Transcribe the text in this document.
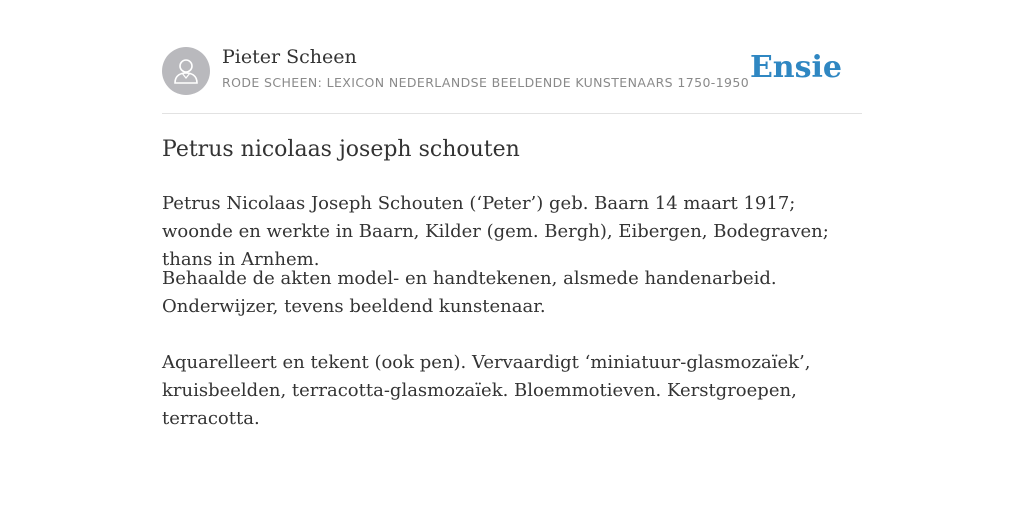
Pieter Scheen
RODE SCHEEN: LEXICON NEDERLANDSE BEELDENDE KUNSTENAARS 1750-1950 Ensie
Petrus nicolaas joseph schouten

Petrus Nicolaas Joseph Schouten (‘Peter’) geb. Baarn 14 maart 1917; woonde en werkte in Baarn, Kilder (gem. Bergh), Eibergen, Bodegraven; thans in Arnhem.

Behaalde de akten model- en handtekenen, alsmede handenarbeid. Onderwijzer, tevens beeldend kunstenaar.

Aquarelleert en tekent (ook pen). Vervaardigt ‘miniatuur-glasmozaïek’, kruisbeelden, terracotta-glasmozaïek. Bloemmotieven. Kerstgroepen, terracotta.
